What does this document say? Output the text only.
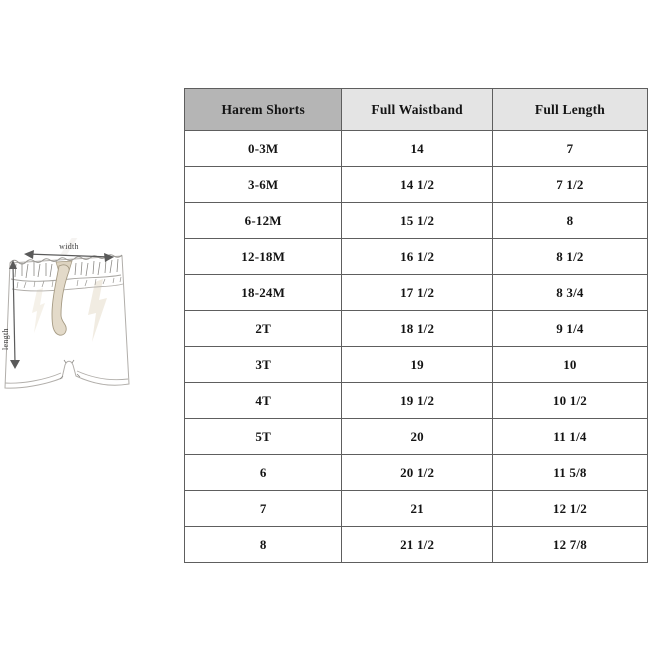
width
length
Harem Shorts	Full Waistband	Full Length
0-3M	14	7
3-6M	14 1/2	7 1/2
6-12M	15 1/2	8
12-18M	16 1/2	8 1/2
18-24M	17 1/2	8 3/4
2T	18 1/2	9 1/4
3T	19	10
4T	19 1/2	10 1/2
5T	20	11 1/4
6	20 1/2	11 5/8
7	21	12 1/2
8	21 1/2	12 7/8
